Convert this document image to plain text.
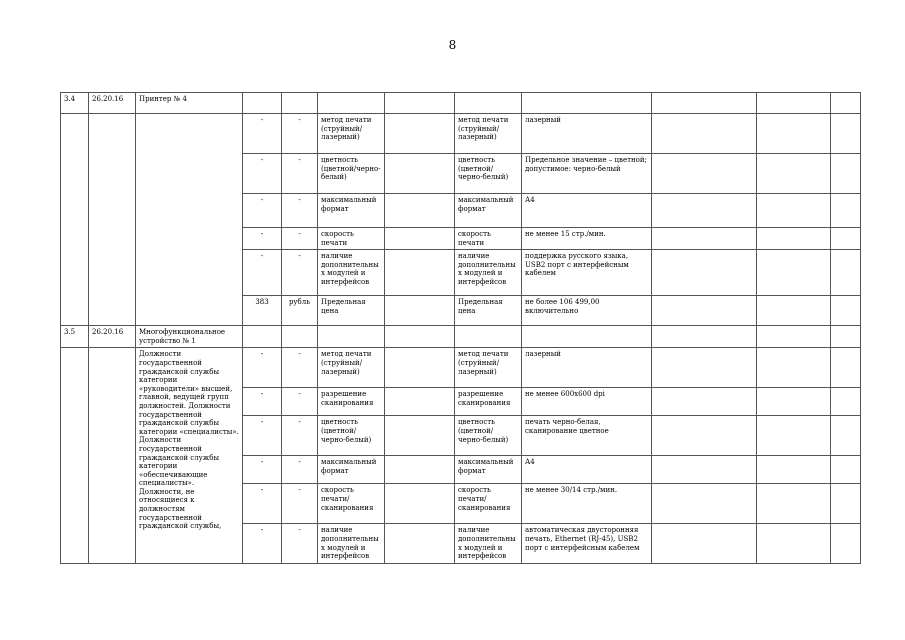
8
3.4	26.20.16	Принтер № 4									
			-	-	метод печати (струйный/лазерный)		метод печати (струйный/ лазерный)	лазерный			
			-	-	цветность (цветной/черно-белый)		цветность (цветной/ черно-белый)	Предельное значение – цветной; допустимое: черно-белый			
			-	-	максимальный формат		максимальный формат	А4			
			-	-	скорость печати		скорость печати	не менее 15 стр./мин.			
			-	-	наличие дополнительных модулей и интерфейсов		наличие дополнительных модулей и интерфейсов	поддержка русского языка, USB2 порт с интерфейсным кабелем			
			383	рубль	Предельная цена		Предельная цена	не более 106 499,00 включительно			
3.5	26.20.16	Многофункциональное устройство № 1									
		Должности государственной гражданской службы категории «руководители» высшей, главной, ведущей групп должностей. Должности государственной гражданской службы категории «специалисты». Должности государственной гражданской службы категории «обеспечивающие специалисты». Должности, не относящиеся к должностям государственной гражданской службы,	-	-	метод печати (струйный/лазерный)		метод печати (струйный/ лазерный)	лазерный			
			-	-	разрешение сканирования		разрешение сканирования	не менее 600х600 dpi			
			-	-	цветность (цветной/ черно-белый)		цветность (цветной/ черно-белый)	печать черно-белая, сканирование цветное			
			-	-	максимальный формат		максимальный формат	А4			
			-	-	скорость печати/ сканирования		скорость печати/ сканирования	не менее 30/14 стр./мин.			
			-	-	наличие дополнительных модулей и интерфейсов		наличие дополнительных модулей и интерфейсов	автоматическая двусторонняя печать, Ethernet (RJ-45), USB2 порт с интерфейсным кабелем			
